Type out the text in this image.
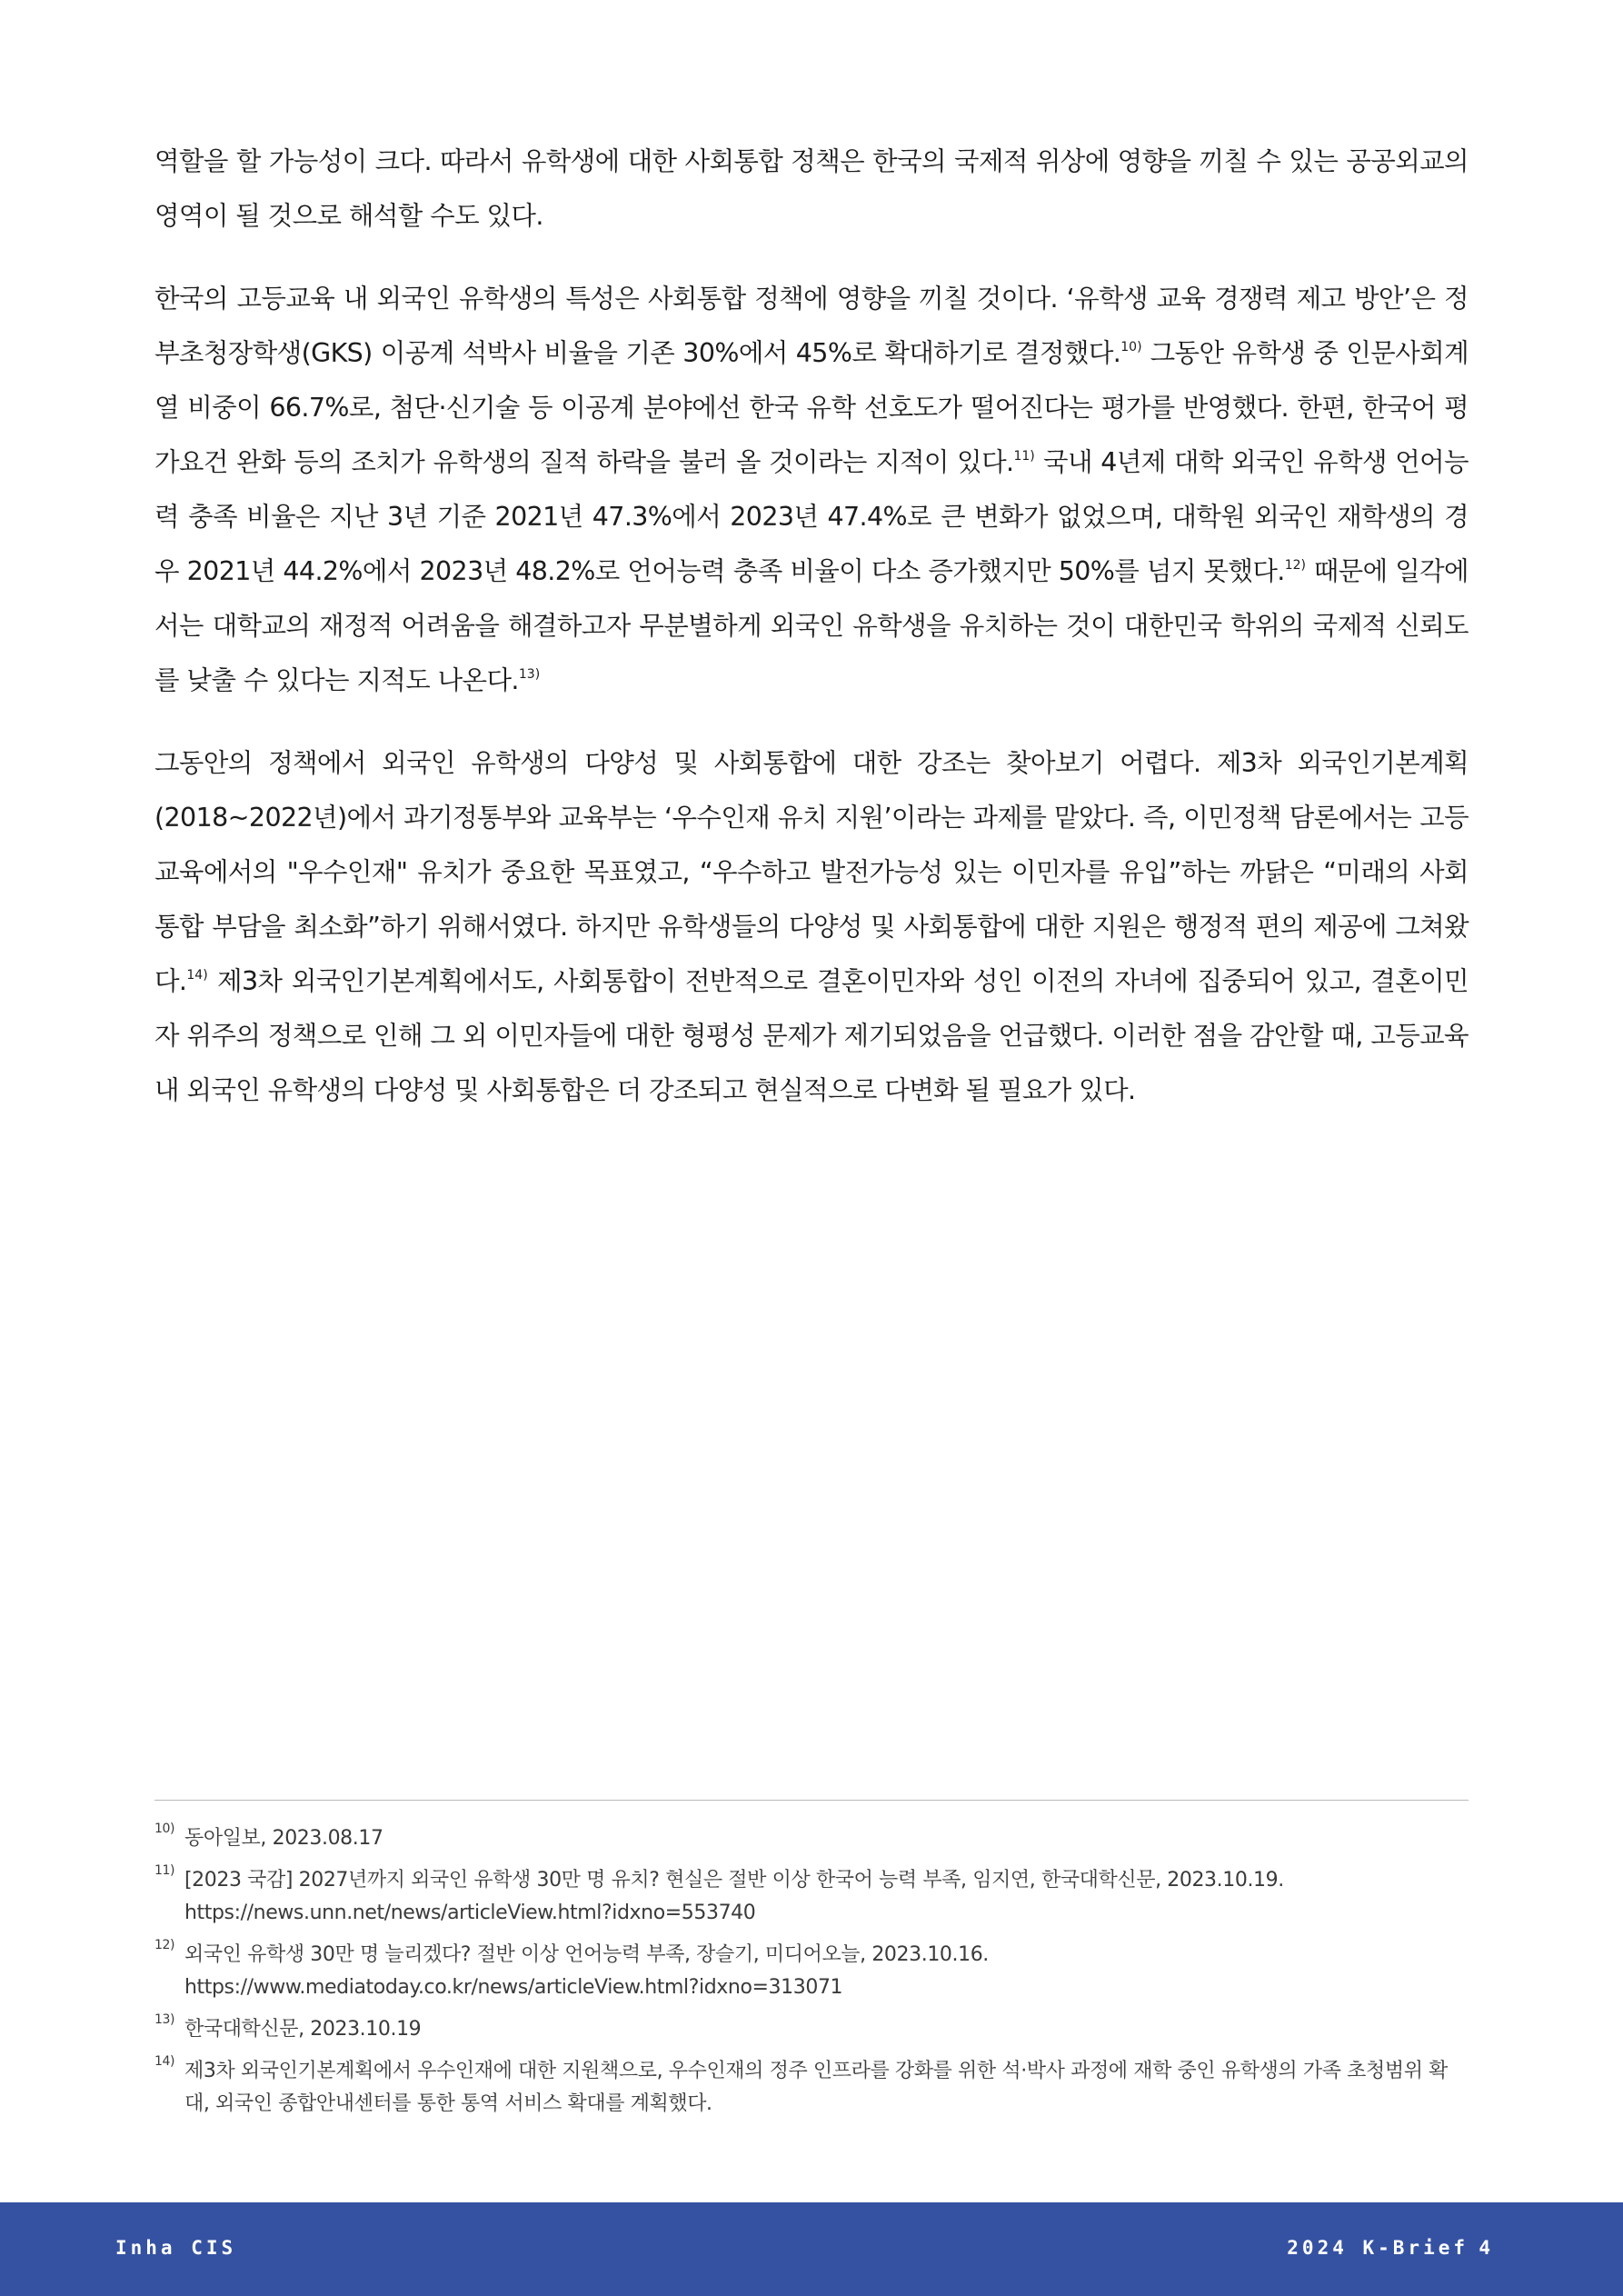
역할을 할 가능성이 크다. 따라서 유학생에 대한 사회통합 정책은 한국의 국제적 위상에 영향을 끼칠 수 있는 공공외교의 영역이 될 것으로 해석할 수도 있다.

한국의 고등교육 내 외국인 유학생의 특성은 사회통합 정책에 영향을 끼칠 것이다. ‘유학생 교육 경쟁력 제고 방안’은 정부초청장학생(GKS) 이공계 석박사 비율을 기존 30%에서 45%로 확대하기로 결정했다.$^{10)}$ 그동안 유학생 중 인문사회계열 비중이 66.7%로, 첨단·신기술 등 이공계 분야에선 한국 유학 선호도가 떨어진다는 평가를 반영했다. 한편, 한국어 평가요건 완화 등의 조치가 유학생의 질적 하락을 불러 올 것이라는 지적이 있다.$^{11)}$ 국내 4년제 대학 외국인 유학생 언어능력 충족 비율은 지난 3년 기준 2021년 47.3%에서 2023년 47.4%로 큰 변화가 없었으며, 대학원 외국인 재학생의 경우 2021년 44.2%에서 2023년 48.2%로 언어능력 충족 비율이 다소 증가했지만 50%를 넘지 못했다.$^{12)}$ 때문에 일각에서는 대학교의 재정적 어려움을 해결하고자 무분별하게 외국인 유학생을 유치하는 것이 대한민국 학위의 국제적 신뢰도를 낮출 수 있다는 지적도 나온다.$^{13)}$

그동안의 정책에서 외국인 유학생의 다양성 및 사회통합에 대한 강조는 찾아보기 어렵다. 제3차 외국인기본계획(2018~2022년)에서 과기정통부와 교육부는 ‘우수인재 유치 지원’이라는 과제를 맡았다. 즉, 이민정책 담론에서는 고등교육에서의 "우수인재" 유치가 중요한 목표였고, “우수하고 발전가능성 있는 이민자를 유입”하는 까닭은 “미래의 사회 통합 부담을 최소화”하기 위해서였다. 하지만 유학생들의 다양성 및 사회통합에 대한 지원은 행정적 편의 제공에 그쳐왔다.$^{14)}$ 제3차 외국인기본계획에서도, 사회통합이 전반적으로 결혼이민자와 성인 이전의 자녀에 집중되어 있고, 결혼이민자 위주의 정책으로 인해 그 외 이민자들에 대한 형평성 문제가 제기되었음을 언급했다. 이러한 점을 감안할 때, 고등교육 내 외국인 유학생의 다양성 및 사회통합은 더 강조되고 현실적으로 다변화 될 필요가 있다.

10) 동아일보, 2023.08.17
11) [2023 국감] 2027년까지 외국인 유학생 30만 명 유치? 현실은 절반 이상 한국어 능력 부족, 임지연, 한국대학신문, 2023.10.19.
https://news.unn.net/news/articleView.html?idxno=553740
12) 외국인 유학생 30만 명 늘리겠다? 절반 이상 언어능력 부족, 장슬기, 미디어오늘, 2023.10.16.
https://www.mediatoday.co.kr/news/articleView.html?idxno=313071
13) 한국대학신문, 2023.10.19
14) 제3차 외국인기본계획에서 우수인재에 대한 지원책으로, 우수인재의 정주 인프라를 강화를 위한 석·박사 과정에 재학 중인 유학생의 가족 초청범위 확대, 외국인 종합안내센터를 통한 통역 서비스 확대를 계획했다.
Inha CIS	2024 K-Brief 4
